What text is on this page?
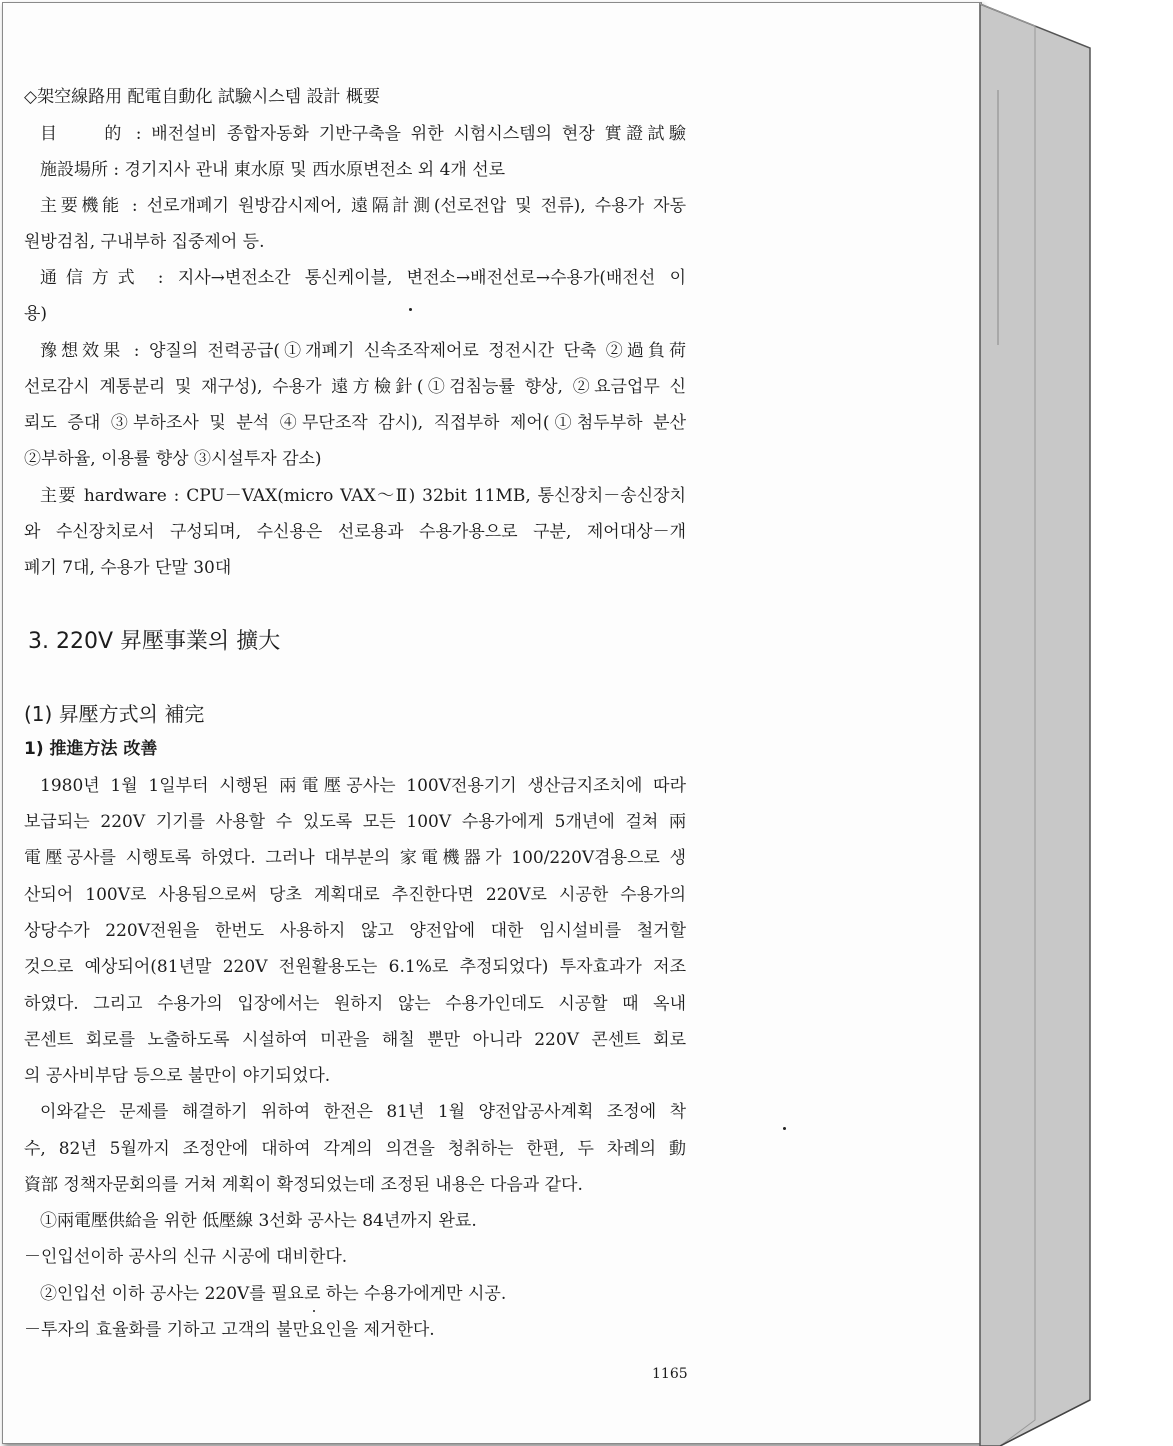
◇架空線路用 配電自動化 試驗시스템 設計 概要
目　　的 : 배전설비 종합자동화 기반구축을 위한 시험시스템의 현장 實證試驗
施設場所 : 경기지사 관내 東水原 및 西水原변전소 외 4개 선로
主要機能 : 선로개폐기 원방감시제어, 遠隔計測(선로전압 및 전류), 수용가 자동
원방검침, 구내부하 집중제어 등.
通信方式 : 지사→변전소간 통신케이블, 변전소→배전선로→수용가(배전선 이
용)
豫想效果 : 양질의 전력공급(①개폐기 신속조작제어로 정전시간 단축 ②過負荷
선로감시 계통분리 및 재구성), 수용가 遠方檢針(①검침능률 향상, ②요금업무 신
뢰도 증대 ③부하조사 및 분석 ④무단조작 감시), 직접부하 제어(①첨두부하 분산
②부하율, 이용률 향상 ③시설투자 감소)
主要 hardware : CPU－VAX(micro VAX～Ⅱ) 32bit 11MB, 통신장치－송신장치
와 수신장치로서 구성되며, 수신용은 선로용과 수용가용으로 구분, 제어대상－개
폐기 7대, 수용가 단말 30대
3. 220V 昇壓事業의 擴大
(1) 昇壓方式의 補完
1) 推進方法 改善
1980년 1월 1일부터 시행된 兩電壓공사는 100V전용기기 생산금지조치에 따라
보급되는 220V 기기를 사용할 수 있도록 모든 100V 수용가에게 5개년에 걸쳐 兩
電壓공사를 시행토록 하였다. 그러나 대부분의 家電機器가 100/220V겸용으로 생
산되어 100V로 사용됨으로써 당초 계획대로 추진한다면 220V로 시공한 수용가의
상당수가 220V전원을 한번도 사용하지 않고 양전압에 대한 임시설비를 철거할
것으로 예상되어(81년말 220V 전원활용도는 6.1%로 추정되었다) 투자효과가 저조
하였다. 그리고 수용가의 입장에서는 원하지 않는 수용가인데도 시공할 때 옥내
콘센트 회로를 노출하도록 시설하여 미관을 해칠 뿐만 아니라 220V 콘센트 회로
의 공사비부담 등으로 불만이 야기되었다.
이와같은 문제를 해결하기 위하여 한전은 81년 1월 양전압공사계획 조정에 착
수, 82년 5월까지 조정안에 대하여 각계의 의견을 청취하는 한편, 두 차례의 動
資部 정책자문회의를 거쳐 계획이 확정되었는데 조정된 내용은 다음과 같다.
①兩電壓供給을 위한 低壓線 3선화 공사는 84년까지 완료.
－인입선이하 공사의 신규 시공에 대비한다.
②인입선 이하 공사는 220V를 필요로 하는 수용가에게만 시공.
－투자의 효율화를 기하고 고객의 불만요인을 제거한다.
1165
